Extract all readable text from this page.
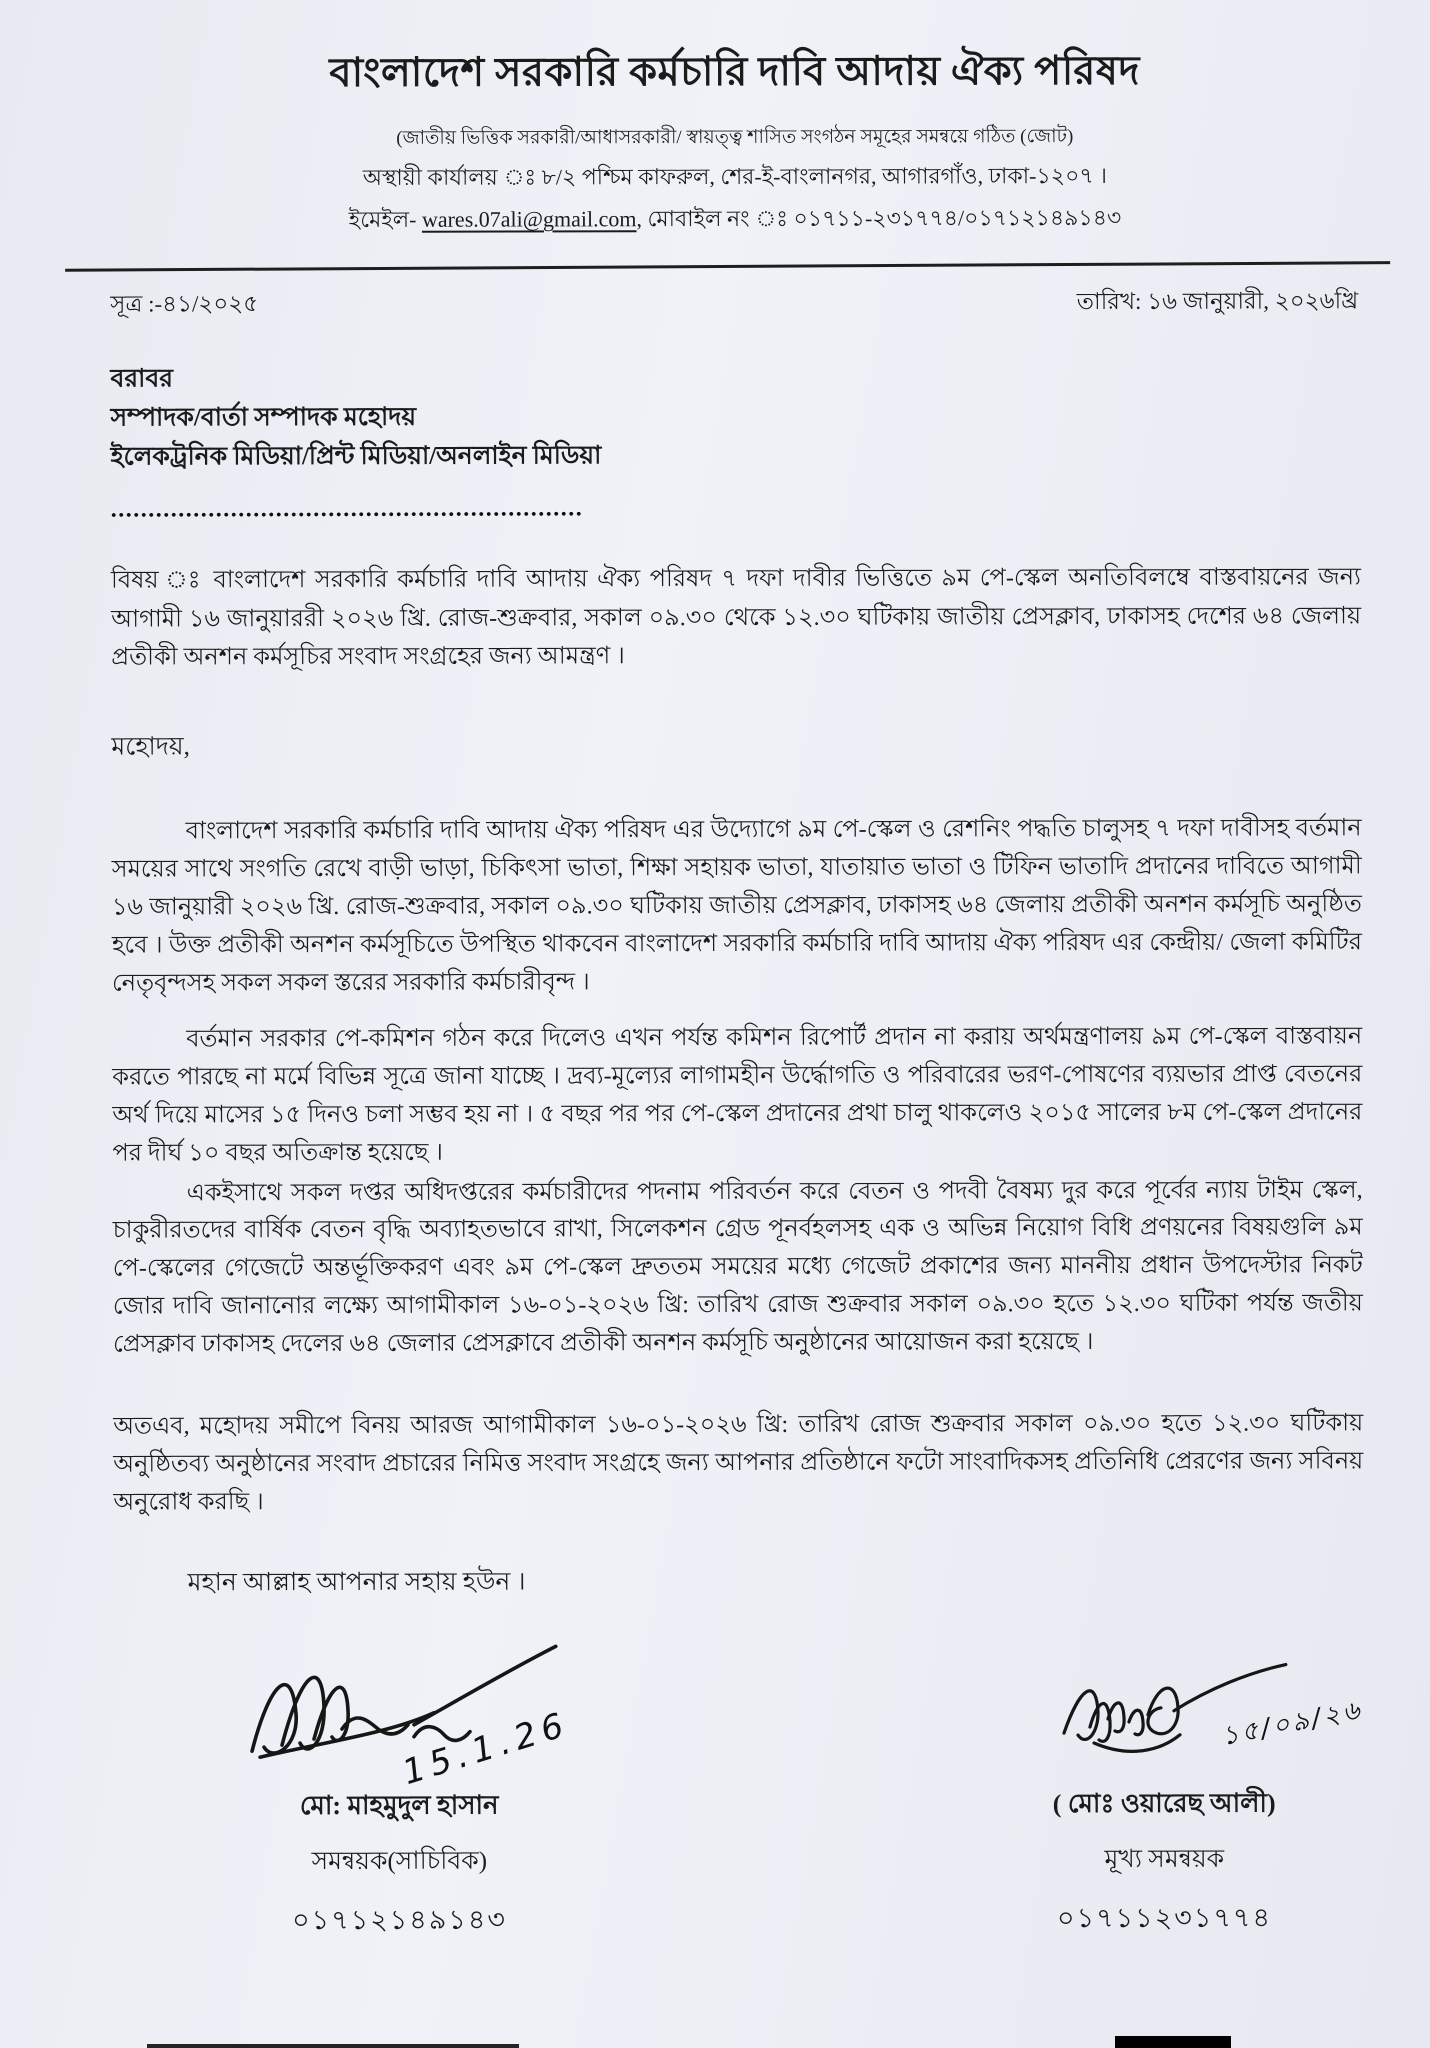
বাংলাদেশ সরকারি কর্মচারি দাবি আদায় ঐক্য পরিষদ
(জাতীয় ভিত্তিক সরকারী/আধাসরকারী/ স্বায়ত্ত্ব শাসিত সংগঠন সমূহের সমন্বয়ে গঠিত (জোট)
অস্থায়ী কার্যালয় ঃ ৮/২ পশ্চিম কাফরুল, শের-ই-বাংলানগর, আগারগাঁও, ঢাকা-১২০৭ ।
ইমেইল- wares.07ali@gmail.com, মোবাইল নং ঃ ০১৭১১-২৩১৭৭৪/০১৭১২১৪৯১৪৩
সূত্র :-৪১/২০২৫	তারিখ: ১৬ জানুয়ারী, ২০২৬খ্রি
বরাবর
সম্পাদক/বার্তা সম্পাদক মহোদয়
ইলেকট্রনিক মিডিয়া/প্রিন্ট মিডিয়া/অনলাইন মিডিয়া
...............................................................
বিষয় ঃ বাংলাদেশ সরকারি কর্মচারি দাবি আদায় ঐক্য পরিষদ ৭ দফা দাবীর ভিত্তিতে ৯ম পে-স্কেল অনতিবিলম্বে বাস্তবায়নের জন্য আগামী ১৬ জানুয়াররী ২০২৬ খ্রি. রোজ-শুক্রবার, সকাল ০৯.৩০ থেকে ১২.৩০ ঘটিকায় জাতীয় প্রেসক্লাব, ঢাকাসহ দেশের ৬৪ জেলায় প্রতীকী অনশন কর্মসূচির সংবাদ সংগ্রহের জন্য আমন্ত্রণ ।
মহোদয়,

বাংলাদেশ সরকারি কর্মচারি দাবি আদায় ঐক্য পরিষদ এর উদ্যোগে ৯ম পে-স্কেল ও রেশনিং পদ্ধতি চালুসহ ৭ দফা দাবীসহ বর্তমান সময়ের সাথে সংগতি রেখে বাড়ী ভাড়া, চিকিৎসা ভাতা, শিক্ষা সহায়ক ভাতা, যাতায়াত ভাতা ও টিফিন ভাতাদি প্রদানের দাবিতে আগামী ১৬ জানুয়ারী ২০২৬ খ্রি. রোজ-শুক্রবার, সকাল ০৯.৩০ ঘটিকায় জাতীয় প্রেসক্লাব, ঢাকাসহ ৬৪ জেলায় প্রতীকী অনশন কর্মসূচি অনুষ্ঠিত হবে । উক্ত প্রতীকী অনশন কর্মসূচিতে উপস্থিত থাকবেন বাংলাদেশ সরকারি কর্মচারি দাবি আদায় ঐক্য পরিষদ এর কেন্দ্রীয়/ জেলা কমিটির নেতৃবৃন্দসহ সকল সকল স্তরের সরকারি কর্মচারীবৃন্দ ।

বর্তমান সরকার পে-কমিশন গঠন করে দিলেও এখন পর্যন্ত কমিশন রিপোর্ট প্রদান না করায় অর্থমন্ত্রণালয় ৯ম পে-স্কেল বাস্তবায়ন করতে পারছে না মর্মে বিভিন্ন সূত্রে জানা যাচ্ছে । দ্রব্য-মূল্যের লাগামহীন উর্দ্ধোগতি ও পরিবারের ভরণ-পোষণের ব্যয়ভার প্রাপ্ত বেতনের অর্থ দিয়ে মাসের ১৫ দিনও চলা সম্ভব হয় না । ৫ বছর পর পর পে-স্কেল প্রদানের প্রথা চালু থাকলেও ২০১৫ সালের ৮ম পে-স্কেল প্রদানের পর দীর্ঘ ১০ বছর অতিক্রান্ত হয়েছে ।

একইসাথে সকল দপ্তর অধিদপ্তরের কর্মচারীদের পদনাম পরিবর্তন করে বেতন ও পদবী বৈষম্য দুর করে পূর্বের ন্যায় টাইম স্কেল, চাকুরীরতদের বার্ষিক বেতন বৃদ্ধি অব্যাহতভাবে রাখা, সিলেকশন গ্রেড পূনর্বহলসহ এক ও অভিন্ন নিয়োগ বিধি প্রণয়নের বিষয়গুলি ৯ম পে-স্কেলের গেজেটে অন্তর্ভূক্তিকরণ এবং ৯ম পে-স্কেল দ্রুততম সময়ের মধ্যে গেজেট প্রকাশের জন্য মাননীয় প্রধান উপদেস্টার নিকট জোর দাবি জানানোর লক্ষ্যে আগামীকাল ১৬-০১-২০২৬ খ্রি: তারিখ রোজ শুক্রবার সকাল ০৯.৩০ হতে ১২.৩০ ঘটিকা পর্যন্ত জতীয় প্রেসক্লাব ঢাকাসহ দেলের ৬৪ জেলার প্রেসক্লাবে প্রতীকী অনশন কর্মসূচি অনুষ্ঠানের আয়োজন করা হয়েছে ।

অতএব, মহোদয় সমীপে বিনয় আরজ আগামীকাল ১৬-০১-২০২৬ খ্রি: তারিখ রোজ শুক্রবার সকাল ০৯.৩০ হতে ১২.৩০ ঘটিকায় অনুষ্ঠিতব্য অনুষ্ঠানের সংবাদ প্রচারের নিমিত্ত সংবাদ সংগ্রহে জন্য আপনার প্রতিষ্ঠানে ফটো সাংবাদিকসহ প্রতিনিধি প্রেরণের জন্য সবিনয় অনুরোধ করছি ।

মহান আল্লাহ আপনার সহায় হউন ।
15.1.26
মো: মাহমুদুল হাসান
সমন্বয়ক(সাচিবিক)
০১৭১২১৪৯১৪৩
১৫/০৯/২৬
( মোঃ ওয়ারেছ আলী)
মূখ্য সমন্বয়ক
০১৭১১২৩১৭৭৪
